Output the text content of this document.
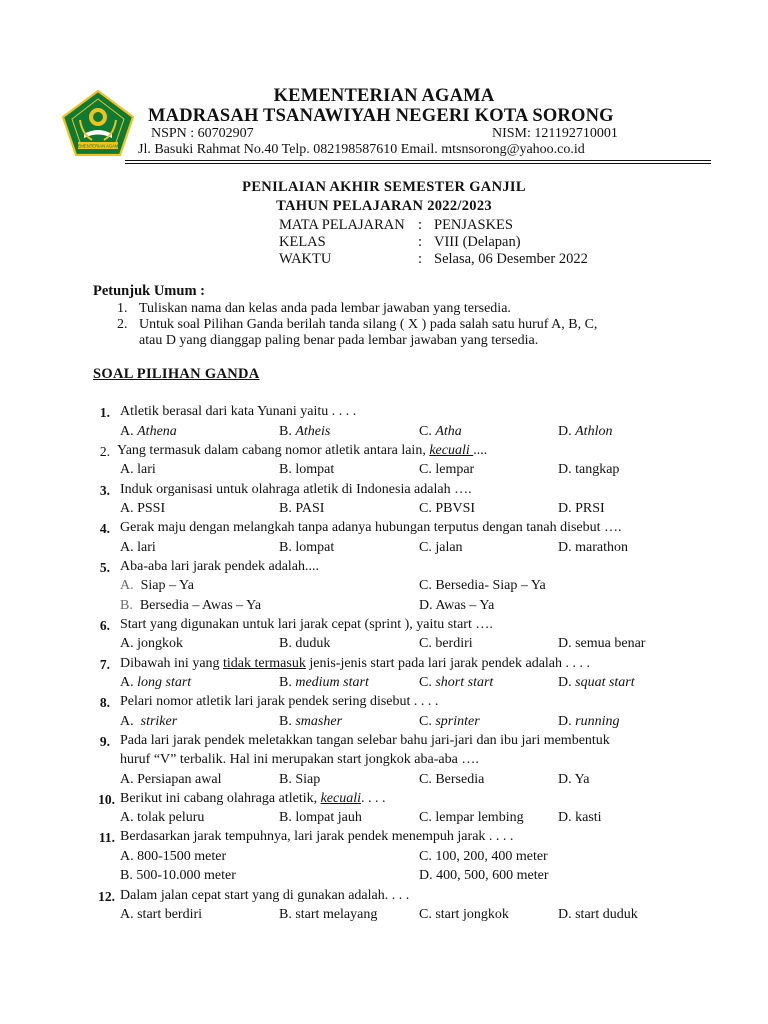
KEMENTERIAN AGAMA
KEMENTERIAN AGAMA
MADRASAH TSANAWIYAH NEGERI KOTA SORONG
NSPN : 60702907	NISM: 121192710001
Jl. Basuki Rahmat No.40 Telp. 082198587610 Email. mtsnsorong@yahoo.co.id
PENILAIAN AKHIR SEMESTER GANJIL
TAHUN PELAJARAN 2022/2023
MATA PELAJARAN : PENJASKES
KELAS	: VIII (Delapan)
WAKTU	: Selasa, 06 Desember 2022
Petunjuk Umum :
1. Tuliskan nama dan kelas anda pada lembar jawaban yang tersedia.
2. Untuk soal Pilihan Ganda berilah tanda silang ( X ) pada salah satu huruf A, B, C,
atau D yang dianggap paling benar pada lembar jawaban yang tersedia.
SOAL PILIHAN GANDA
1. Atletik berasal dari kata Yunani yaitu . . . .
A. Athena	B. Atheis	C. Atha	D. Athlon
2. Yang termasuk dalam cabang nomor atletik antara lain, kecuali ....
A. lari	B. lompat	C. lempar	D. tangkap
3. Induk organisasi untuk olahraga atletik di Indonesia adalah ….
A. PSSI	B. PASI	C. PBVSI	D. PRSI
4. Gerak maju dengan melangkah tanpa adanya hubungan terputus dengan tanah disebut ….
A. lari	B. lompat	C. jalan	D. marathon
5. Aba-aba lari jarak pendek adalah....
A. Siap – Ya	C. Bersedia- Siap – Ya
B. Bersedia – Awas – Ya	D. Awas – Ya
6. Start yang digunakan untuk lari jarak cepat (sprint ), yaitu start ….
A. jongkok	B. duduk	C. berdiri	D. semua benar
7. Dibawah ini yang tidak termasuk jenis-jenis start pada lari jarak pendek adalah . . . .
A. long start	B. medium start	C. short start	D. squat start
8. Pelari nomor atletik lari jarak pendek sering disebut . . . .
A.  striker	B. smasher	C. sprinter	D. running
9. Pada lari jarak pendek meletakkan tangan selebar bahu jari-jari dan ibu jari membentuk
huruf “V” terbalik. Hal ini merupakan start jongkok aba-aba ….
A. Persiapan awal	B. Siap	C. Bersedia	D. Ya
10. Berikut ini cabang olahraga atletik, kecuali. . . .
A. tolak peluru	B. lompat jauh	C. lempar lembing D. kasti
11. Berdasarkan jarak tempuhnya, lari jarak pendek menempuh jarak . . . .
A. 800-1500 meter	C. 100, 200, 400 meter
B. 500-10.000 meter	D. 400, 500, 600 meter
12. Dalam jalan cepat start yang di gunakan adalah. . . .
A. start berdiri	B. start melayang	C. start jongkok	D. start duduk
